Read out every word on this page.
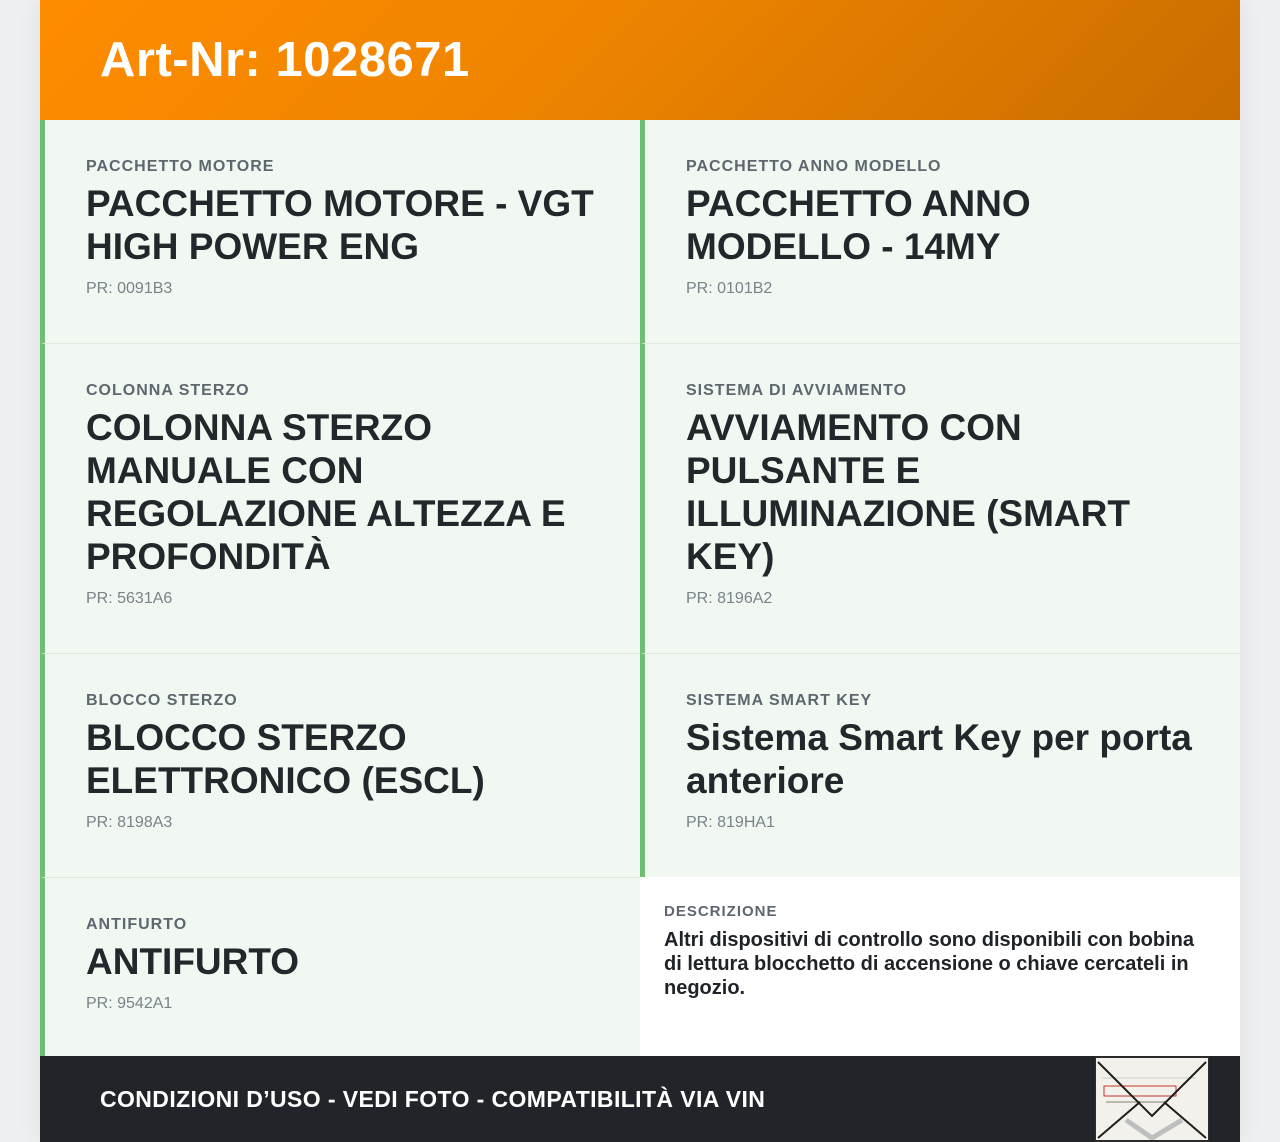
Art-Nr: 1028671
PACCHETTO MOTORE
PACCHETTO MOTORE - VGT HIGH POWER ENG
PR: 0091B3
PACCHETTO ANNO MODELLO
PACCHETTO ANNO MODELLO - 14MY
PR: 0101B2
COLONNA STERZO
COLONNA STERZO MANUALE CON REGOLAZIONE ALTEZZA E PROFONDITÀ
PR: 5631A6
SISTEMA DI AVVIAMENTO
AVVIAMENTO CON PULSANTE E ILLUMINAZIONE (SMART KEY)
PR: 8196A2
BLOCCO STERZO
BLOCCO STERZO ELETTRONICO (ESCL)
PR: 8198A3
SISTEMA SMART KEY
Sistema Smart Key per porta anteriore
PR: 819HA1
ANTIFURTO
ANTIFURTO
PR: 9542A1
DESCRIZIONE
Altri dispositivi di controllo sono disponibili con bobina di lettura blocchetto di accensione o chiave cercateli in negozio.
CONDIZIONI D’USO - VEDI FOTO - COMPATIBILITÀ VIA VIN
